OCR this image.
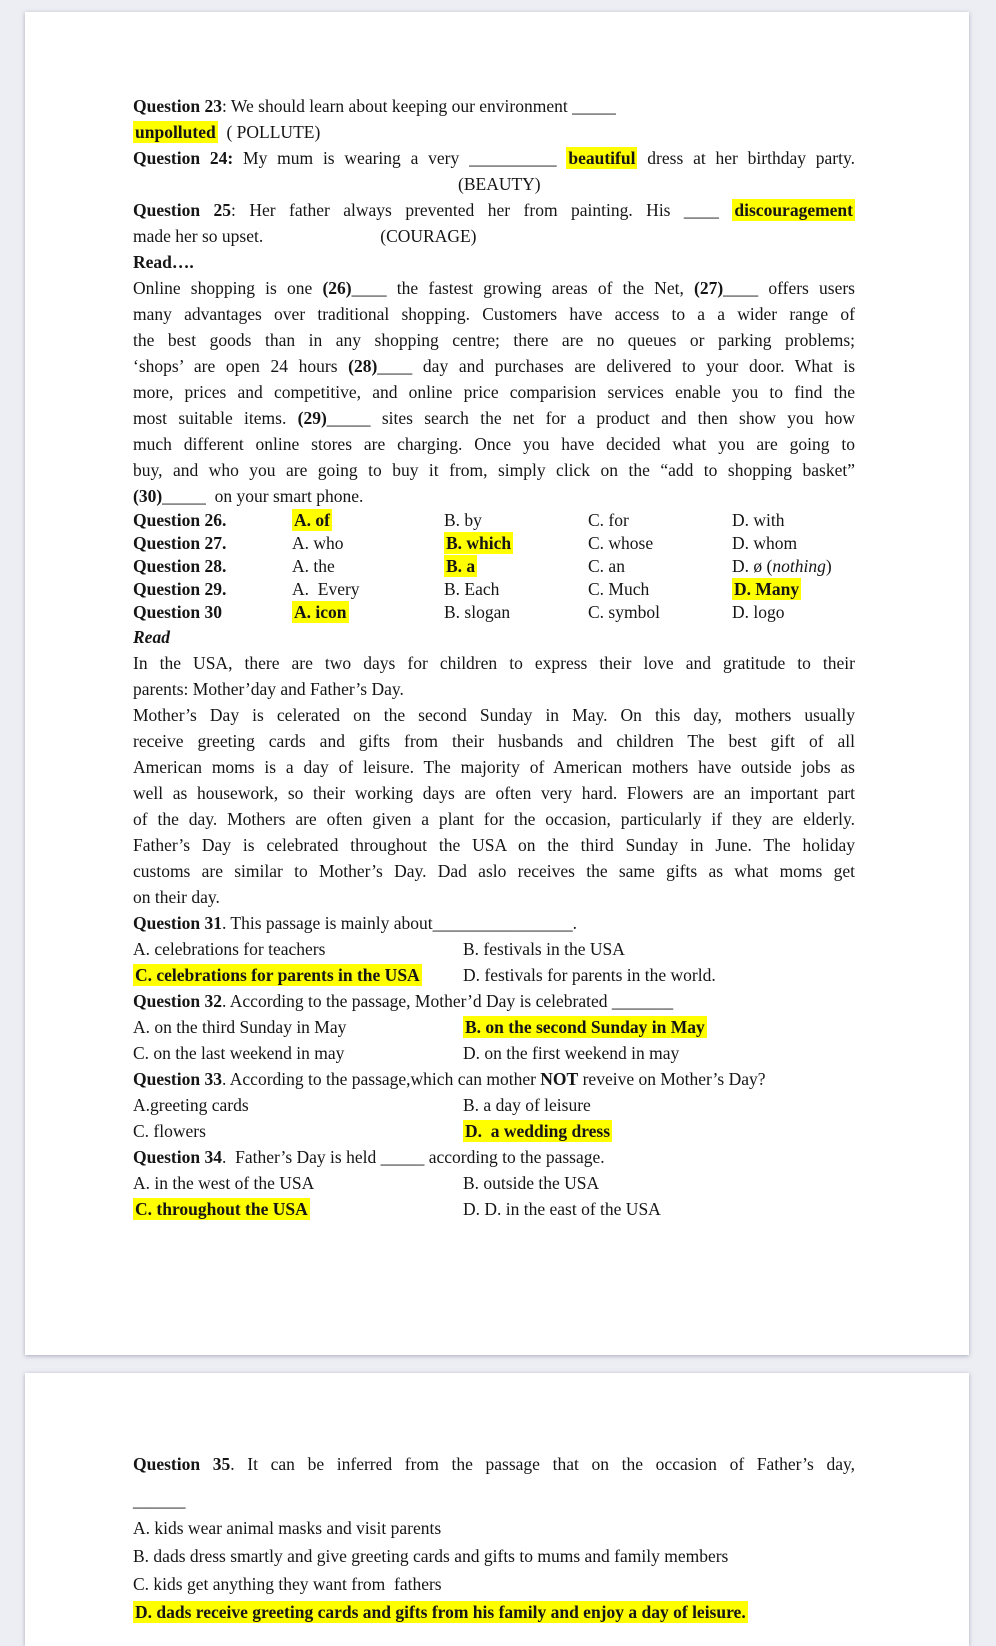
Question 23: We should learn about keeping our environment _____
unpolluted  ( POLLUTE)
Question 24: My mum is wearing a very __________ beautiful dress at her birthday party.
(BEAUTY)
Question 25: Her father always prevented her from painting. His ____ discouragement
made her so upset.	(COURAGE)
Read….
Online shopping is one (26)____ the fastest growing areas of the Net, (27)____ offers users
many advantages over traditional shopping. Customers have access to a a wider range of
the best goods than in any shopping centre; there are no queues or parking problems;
‘shops’ are open 24 hours (28)____ day and purchases are delivered to your door. What is
more, prices and competitive, and online price comparision services enable you to find the
most suitable items. (29)_____ sites search the net for a product and then show you how
much different online stores are charging. Once you have decided what you are going to
buy, and who you are going to buy it from, simply click on the “add to shopping basket”
(30)_____  on your smart phone.
Question 26.	A. of	B. by	C. for	D. with
Question 27.	A. who	B. which	C. whose	D. whom
Question 28.	A. the	B. a	C. an	D. ø (nothing)
Question 29.	A.  Every	B. Each	C. Much	D. Many
Question 30	A. icon	B. slogan	C. symbol	D. logo
Read
In the USA, there are two days for children to express their love and gratitude to their
parents: Mother’day and Father’s Day.
Mother’s Day is celerated on the second Sunday in May. On this day, mothers usually
receive greeting cards and gifts from their husbands and children The best gift of all
American moms is a day of leisure. The majority of American mothers have outside jobs as
well as housework, so their working days are often very hard. Flowers are an important part
of the day. Mothers are often given a plant for the occasion, particularly if they are elderly.
Father’s Day is celebrated throughout the USA on the third Sunday in June. The holiday
customs are similar to Mother’s Day. Dad aslo receives the same gifts as what moms get
on their day.
Question 31. This passage is mainly about________________.
A. celebrations for teachers	B. festivals in the USA
C. celebrations for parents in the USA	D. festivals for parents in the world.
Question 32. According to the passage, Mother’d Day is celebrated _______
A. on the third Sunday in May	B. on the second Sunday in May
C. on the last weekend in may	D. on the first weekend in may
Question 33. According to the passage,which can mother NOT reveive on Mother’s Day?
A.greeting cards	B. a day of leisure
C. flowers	D.  a wedding dress
Question 34.  Father’s Day is held _____ according to the passage.
A. in the west of the USA	B. outside the USA
C. throughout the USA	D. D. in the east of the USA
Question 35. It can be inferred from the passage that on the occasion of Father’s day,
______
A. kids wear animal masks and visit parents
B. dads dress smartly and give greeting cards and gifts to mums and family members
C. kids get anything they want from  fathers
D. dads receive greeting cards and gifts from his family and enjoy a day of leisure.
